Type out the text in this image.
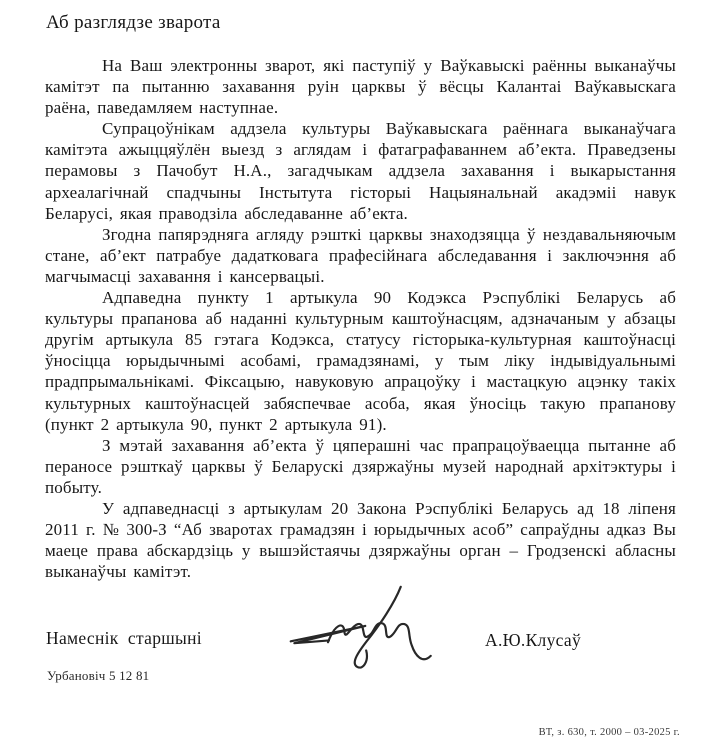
Аб разглядзе зварота

На Ваш электронны зварот, які паступіў у Ваўкавыскі раённы выканаўчы камітэт па пытанню захавання руін царквы ў вёсцы Калантаі Ваўкавыскага раёна, паведамляем наступнае.

Супрацоўнікам аддзела культуры Ваўкавыскага раённага выканаўчага камітэта ажыццяўлён выезд з аглядам і фатаграфаваннем аб’екта. Праведзены перамовы з Пачобут Н.А., загадчыкам аддзела захавання і выкарыстання археалагічнай спадчыны Інстытута гісторыі Нацыянальнай акадэміі навук Беларусі, якая праводзіла абследаванне аб’екта.

Згодна папярэдняга агляду рэшткі царквы знаходзяцца ў нездавальняючым стане, аб’ект патрабуе дадатковага прафесійнага абследавання і заключэння аб магчымасці захавання і кансервацыі.

Адпаведна пункту 1 артыкула 90 Кодэкса Рэспублікі Беларусь аб культуры прапанова аб наданні культурным каштоўнасцям, адзначаным у абзацы другім артыкула 85 гэтага Кодэкса, статусу гісторыка-культурная каштоўнасці ўносіцца юрыдычнымі асобамі, грамадзянамі, у тым ліку індывідуальнымі прадпрымальнікамі. Фіксацыю, навуковую апрацоўку і мастацкую ацэнку такіх культурных каштоўнасцей забяспечвае асоба, якая ўносіць такую прапанову (пункт 2 артыкула 90, пункт 2 артыкула 91).

З мэтай захавання аб’екта ў цяперашні час прапрацоўваецца пытанне аб пераносе рэшткаў царквы ў Беларускі дзяржаўны музей народнай архітэктуры і побыту.

У адпаведнасці з артыкулам 20 Закона Рэспублікі Беларусь ад 18 ліпеня 2011 г. № 300-З “Аб зваротах грамадзян і юрыдычных асоб” сапраўдны адказ Вы маеце права абскардзіць у вышэйстаячы дзяржаўны орган – Гродзенскі абласны выканаўчы камітэт.

Намеснік  старшыні	А.Ю.Клусаў
Урбановіч 5 12 81
ВТ, з. 630, т. 2000 – 03-2025 г.
